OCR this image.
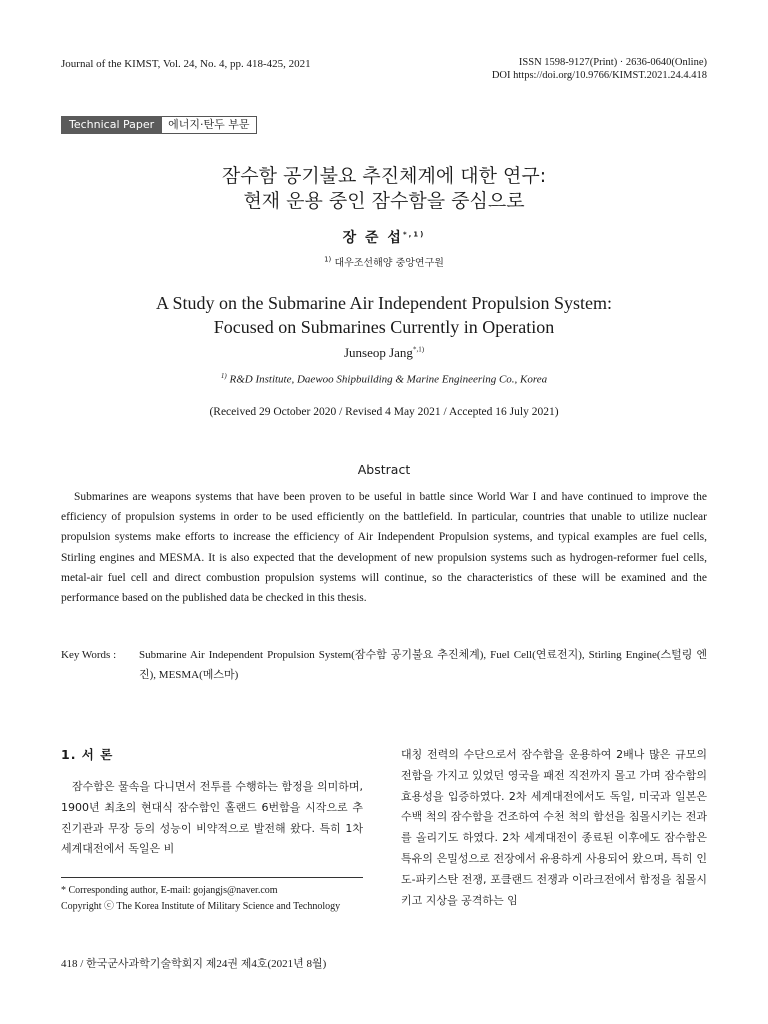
Journal of the KIMST, Vol. 24, No. 4, pp. 418-425, 2021	ISSN 1598-9127(Print) · 2636-0640(Online)
DOI https://doi.org/10.9766/KIMST.2021.24.4.418
Technical Paper	에너지·탄두 부문
잠수함 공기불요 추진체계에 대한 연구:
현재 운용 중인 잠수함을 중심으로
장 준 섭$^{*,1)}$
$^{1)}$ 대우조선해양 중앙연구원
A Study on the Submarine Air Independent Propulsion System:
Focused on Submarines Currently in Operation
Junseop Jang$^{*,1)}$
$^{1)}$ R&D Institute, Daewoo Shipbuilding & Marine Engineering Co., Korea
(Received 29 October 2020 / Revised 4 May 2021 / Accepted 16 July 2021)
Abstract

Submarines are weapons systems that have been proven to be useful in battle since World War I and have continued to improve the efficiency of propulsion systems in order to be used efficiently on the battlefield. In particular, countries that unable to utilize nuclear propulsion systems make efforts to increase the efficiency of Air Independent Propulsion systems, and typical examples are fuel cells, Stirling engines and MESMA. It is also expected that the development of new propulsion systems such as hydrogen-reformer fuel cells, metal-air fuel cell and direct combustion propulsion systems will continue, so the characteristics of these will be examined and the performance based on the published data be checked in this thesis.

Key Words :	Submarine Air Independent Propulsion System(잠수함 공기불요 추진체계), Fuel Cell(연료전지), Stirling Engine(스털링 엔진), MESMA(메스마)
1. 서 론

잠수함은 물속을 다니면서 전투를 수행하는 함정을 의미하며, 1900년 최초의 현대식 잠수함인 홀랜드 6번함을 시작으로 추진기관과 무장 등의 성능이 비약적으로 발전해 왔다. 특히 1차 세계대전에서 독일은 비

대칭 전력의 수단으로서 잠수함을 운용하여 2배나 많은 규모의 전함을 가지고 있었던 영국을 패전 직전까지 몰고 가며 잠수함의 효용성을 입증하였다. 2차 세계대전에서도 독일, 미국과 일본은 수백 척의 잠수함을 건조하여 수천 척의 함선을 침몰시키는 전과를 올리기도 하였다. 2차 세계대전이 종료된 이후에도 잠수함은 특유의 은밀성으로 전장에서 유용하게 사용되어 왔으며, 특히 인도-파키스탄 전쟁, 포클랜드 전쟁과 이라크전에서 함정을 침몰시키고 지상을 공격하는 임

* Corresponding author, E-mail: gojangjs@naver.com
Copyright ⓒ The Korea Institute of Military Science and Technology
418 / 한국군사과학기술학회지 제24권 제4호(2021년 8월)
